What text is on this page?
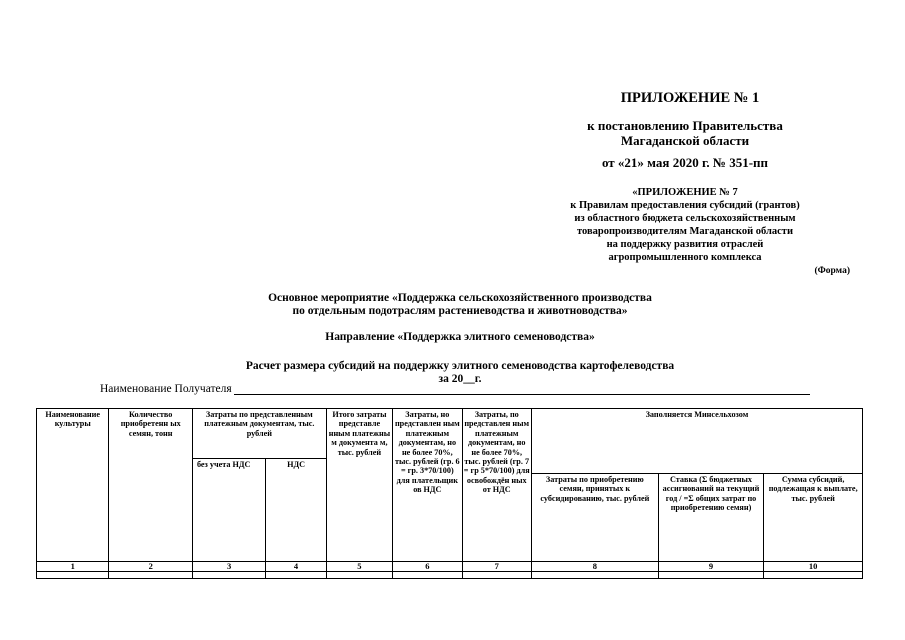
ПРИЛОЖЕНИЕ № 1
к постановлению Правительства
Магаданской области
от «21» мая 2020 г. № 351-пп
«ПРИЛОЖЕНИЕ № 7
к Правилам предоставления субсидий (грантов)
из областного бюджета сельскохозяйственным
товаропроизводителям Магаданской области
на поддержку развития отраслей
агропромышленного комплекса
(Форма)
Основное мероприятие «Поддержка сельскохозяйственного производства
по отдельным подотраслям растениеводства и животноводства»
Направление «Поддержка элитного семеноводства»
Расчет размера субсидий на поддержку элитного семеноводства картофелеводства
за 20__г.
Наименование Получателя
Наименование культуры	Количество приобретенн ых семян, тонн	Затраты по представленным платежным документам, тыс. рублей		Итого затраты представле нным платежны м документа м, тыс. рублей	Затраты, но представлен ным платежным документам, но не более 70%, тыс. рублей (гр. 6 = гр. 3*70/100) для плательщик ов НДС	Затраты, по представлен ным платежным документам, но не более 70%, тыс. рублей (гр. 7 = гр 5*70/100) для освобождён ных от НДС	Заполняется Минсельхозом		
		без учета НДС	НДС						
							Затраты по приобретению семян, принятых к субсидированию, тыс. рублей	Ставка (Σ бюджетных ассигнований на текущий год / =Σ общих затрат по приобретению семян)	Сумма субсидий, подлежащая к выплате, тыс. рублей
1	2	3	4	5	6	7	8	9	10
